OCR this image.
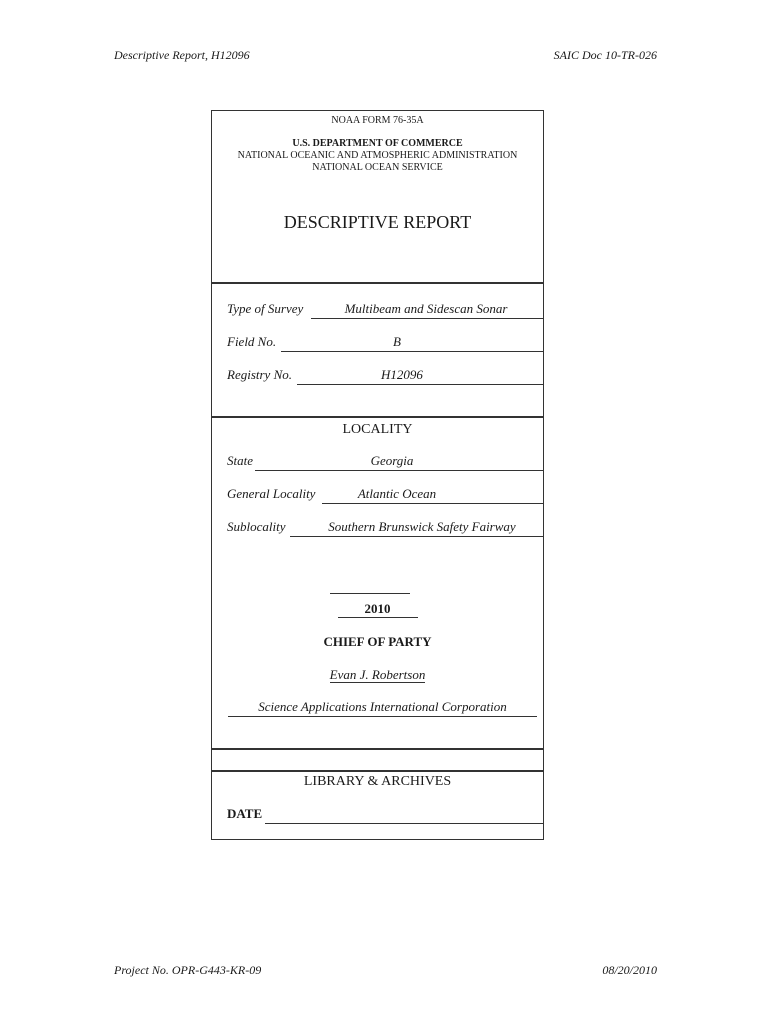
Descriptive Report, H12096	SAIC Doc 10-TR-026
NOAA FORM 76-35A
U.S. DEPARTMENT OF COMMERCE
NATIONAL OCEANIC AND ATMOSPHERIC ADMINISTRATION
NATIONAL OCEAN SERVICE
DESCRIPTIVE REPORT
Type of Survey	Multibeam and Sidescan Sonar
Field No.	B
Registry No.	H12096
LOCALITY
State	Georgia
General Locality	Atlantic Ocean
Sublocality	Southern Brunswick Safety Fairway
2010
CHIEF OF PARTY
Evan J. Robertson
Science Applications International Corporation
LIBRARY & ARCHIVES
DATE
Project No. OPR-G443-KR-09	08/20/2010
